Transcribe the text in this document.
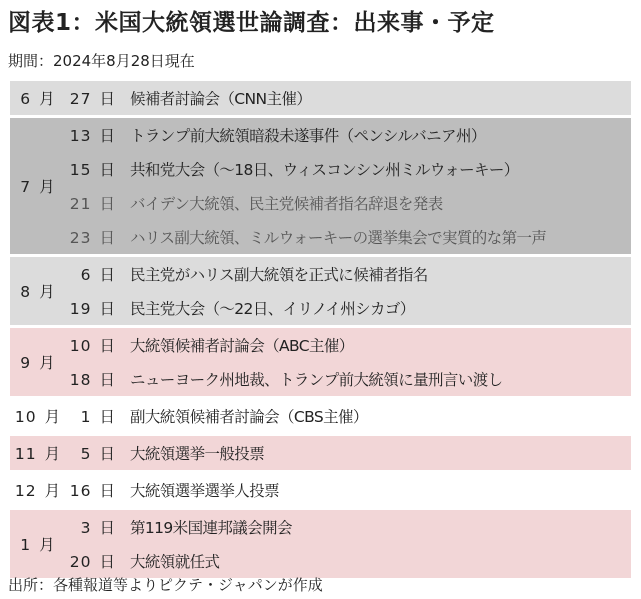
図表1：米国大統領選世論調査：出来事・予定
期間：2024年8月28日現在
6 月	27 日	候補者討論会（CNN主催）
7 月	13 日	トランプ前大統領暗殺未遂事件（ペンシルバニア州）
	15 日	共和党大会（～18日、ウィスコンシン州ミルウォーキー）
	21 日	バイデン大統領、民主党候補者指名辞退を発表
	23 日	ハリス副大統領、ミルウォーキーの選挙集会で実質的な第一声
8 月	6 日	民主党がハリス副大統領を正式に候補者指名
	19 日	民主党大会（～22日、イリノイ州シカゴ）
9 月	10 日	大統領候補者討論会（ABC主催）
	18 日	ニューヨーク州地裁、トランプ前大統領に量刑言い渡し
10 月	1 日	副大統領候補者討論会（CBS主催）
11 月	5 日	大統領選挙一般投票
12 月	16 日	大統領選挙選挙人投票
1 月	3 日	第119米国連邦議会開会
	20 日	大統領就任式
出所：各種報道等よりピクテ・ジャパンが作成
